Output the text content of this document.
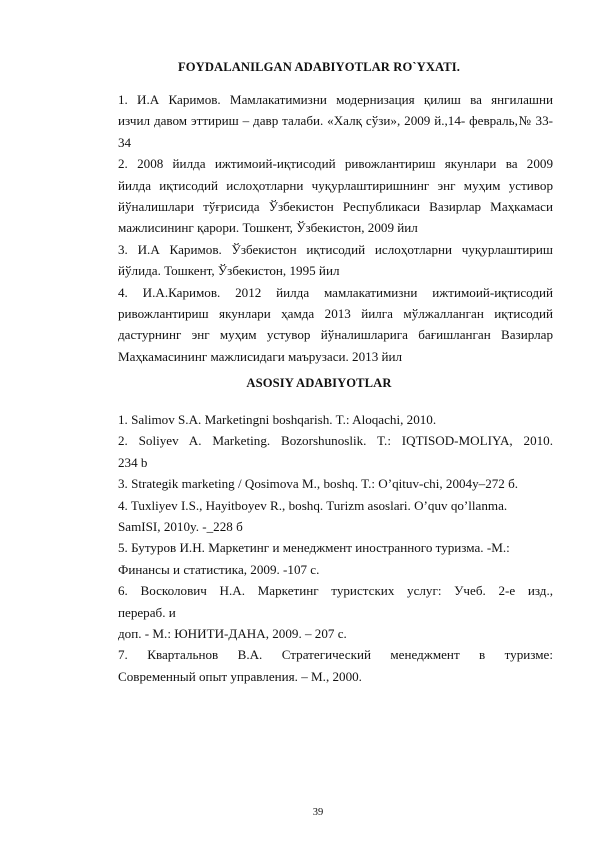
FOYDALANILGAN ADABIYOTLAR RO`YXATI.

1. И.А Каримов. Мамлакатимизни модернизация қилиш ва янгилашни
изчил давом эттириш – давр талаби. «Халқ сўзи», 2009 й.,14- февраль,№ 33-
34

2. 2008 йилда ижтимоий-иқтисодий ривожлантириш якунлари ва 2009
йилда иқтисодий ислоҳотларни чуқурлаштиришнинг энг муҳим устивор
йўналишлари тўғрисида Ўзбекистон Республикаси Вазирлар Маҳкамаси
мажлисининг қарори. Тошкент, Ўзбекистон, 2009 йил

3. И.А Каримов. Ўзбекистон иқтисодий ислоҳотларни чуқурлаштириш
йўлида. Тошкент, Ўзбекистон, 1995 йил

4. И.А.Каримов. 2012 йилда мамлакатимизни ижтимоий-иқтисодий
ривожлантириш якунлари ҳамда 2013 йилга мўлжалланган иқтисодий
дастурнинг энг муҳим устувор йўналишларига бағишланган Вазирлар
Маҳкамасининг мажлисидаги маърузаси. 2013 йил

ASOSIY ADABIYOTLAR

1. Salimov S.A. Marketingni boshqarish. T.: Aloqachi, 2010.

2. Soliyev A. Marketing. Bozorshunoslik. T.: IQTISOD-MOLIYA, 2010.
234 b

3. Strategik marketing / Qosimova M., boshq. T.: O’qituv-chi, 2004y–272 б.

4. Tuxliyev I.S., Hayitboyev R., boshq. Turizm asoslari. O’quv qo’llanma.

SamISI, 2010y. -_228 б

5. Бутуров И.Н. Маркетинг и менеджмент иностранного туризма. -М.:

Финансы и статистика, 2009. -107 с.

6. Восколович Н.А. Маркетинг туристских услуг: Учеб. 2-е изд.,
перераб. и

доп. - М.: ЮНИТИ-ДАНА, 2009. – 207 с.

7. Квартальнов В.А. Стратегический менеджмент в туризме:
Современный опыт управления. – М., 2000.

39
